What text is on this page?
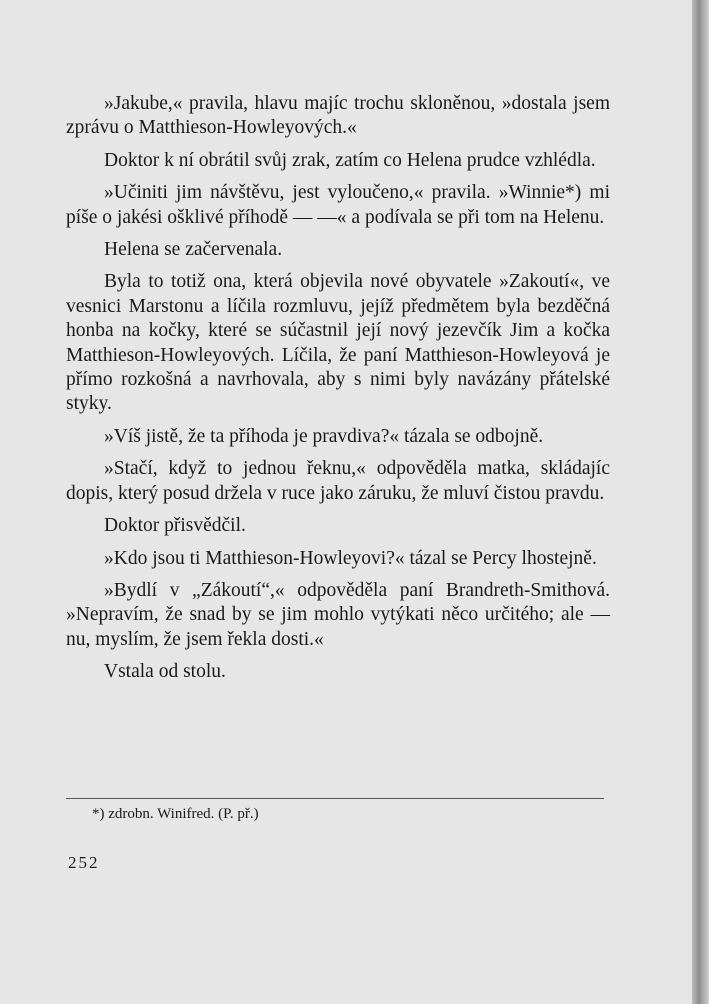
»Jakube,« pravila, hlavu majíc trochu skloněnou, »dostala jsem zprávu o Matthieson-Howleyových.«

Doktor k ní obrátil svůj zrak, zatím co Helena prudce vzhlédla.

»Učiniti jim návštěvu, jest vyloučeno,« pravila. »Winnie*) mi píše o jakési ošklivé příhodě — —« a podívala se při tom na Helenu.

Helena se začervenala.

Byla to totiž ona, která objevila nové obyvatele »Zakoutí«, ve vesnici Marstonu a líčila rozmluvu, jejíž předmětem byla bezděčná honba na kočky, které se súčastnil její nový jezevčík Jim a kočka Matthieson-Howleyových. Líčila, že paní Matthieson-Howleyová je přímo rozkošná a navrhovala, aby s nimi byly navázány přátelské styky.

»Víš jistě, že ta příhoda je pravdiva?« tázala se odbojně.

»Stačí, když to jednou řeknu,« odpověděla matka, skládajíc dopis, který posud držela v ruce jako záruku, že mluví čistou pravdu.

Doktor přisvědčil.

»Kdo jsou ti Matthieson-Howleyovi?« tázal se Percy lhostejně.

»Bydlí v „Zákoutí“,« odpověděla paní Brandreth-Smithová. »Nepravím, že snad by se jim mohlo vytýkati něco určitého; ale — nu, myslím, že jsem řekla dosti.«

Vstala od stolu.

*) zdrobn. Winifred. (P. př.)
252
